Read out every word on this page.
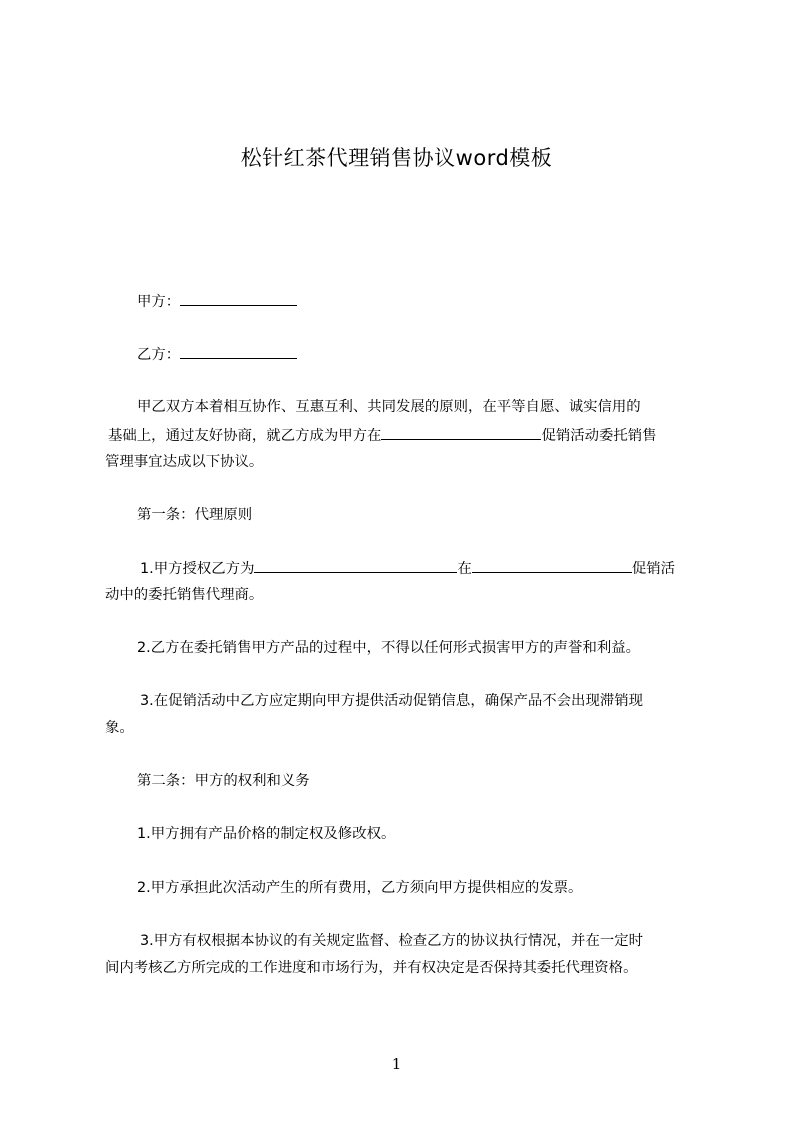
松针红茶代理销售协议word模板
甲方：
乙方：
甲乙双方本着相互协作、互惠互利、共同发展的原则，在平等自愿、诚实信用的
基础上，通过友好协商，就乙方成为甲方在	促销活动委托销售
管理事宜达成以下协议。
第一条：代理原则
1.甲方授权乙方为	在	促销活
动中的委托销售代理商。
2.乙方在委托销售甲方产品的过程中，不得以任何形式损害甲方的声誉和利益。
3.在促销活动中乙方应定期向甲方提供活动促销信息，确保产品不会出现滞销现
象。
第二条：甲方的权利和义务
1.甲方拥有产品价格的制定权及修改权。
2.甲方承担此次活动产生的所有费用，乙方须向甲方提供相应的发票。
3.甲方有权根据本协议的有关规定监督、检查乙方的协议执行情况，并在一定时
间内考核乙方所完成的工作进度和市场行为，并有权决定是否保持其委托代理资格。
1
